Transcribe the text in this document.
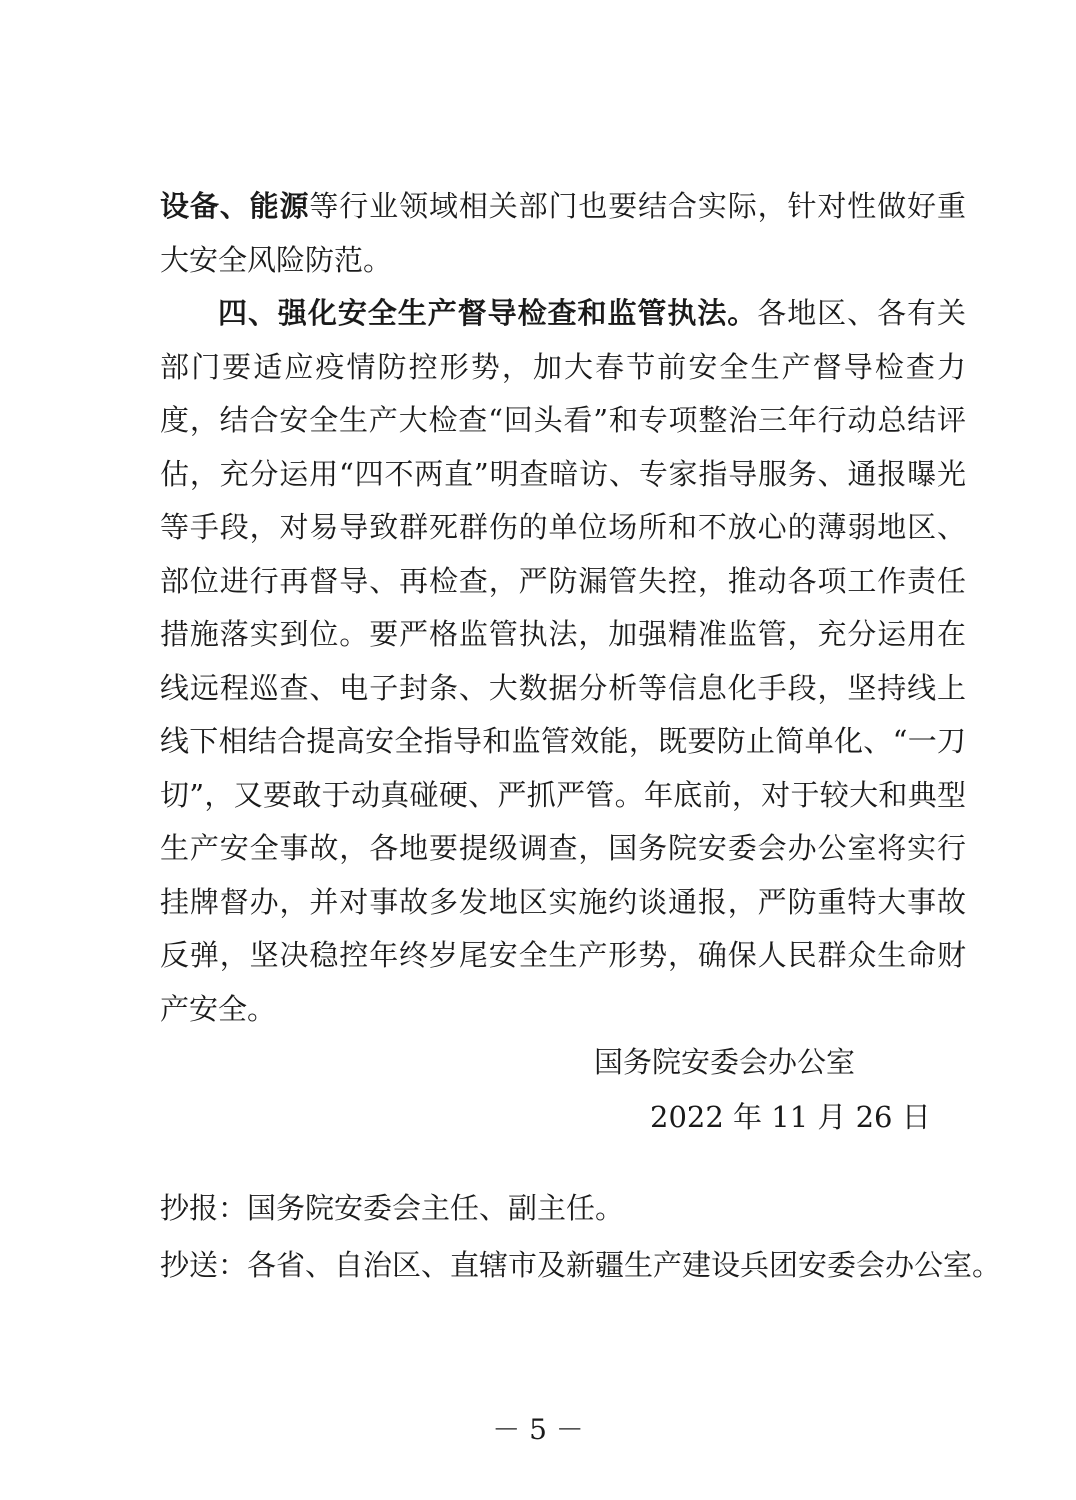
设备、能源等行业领域相关部门也要结合实际，针对性做好重大安全风险防范。

四、强化安全生产督导检查和监管执法。各地区、各有关部门要适应疫情防控形势，加大春节前安全生产督导检查力度，结合安全生产大检查“回头看”和专项整治三年行动总结评估，充分运用“四不两直”明查暗访、专家指导服务、通报曝光等手段，对易导致群死群伤的单位场所和不放心的薄弱地区、部位进行再督导、再检查，严防漏管失控，推动各项工作责任措施落实到位。要严格监管执法，加强精准监管，充分运用在线远程巡查、电子封条、大数据分析等信息化手段，坚持线上线下相结合提高安全指导和监管效能，既要防止简单化、“一刀切”，又要敢于动真碰硬、严抓严管。年底前，对于较大和典型生产安全事故，各地要提级调查，国务院安委会办公室将实行挂牌督办，并对事故多发地区实施约谈通报，严防重特大事故反弹，坚决稳控年终岁尾安全生产形势，确保人民群众生命财产安全。

国务院安委会办公室
2022 年 11 月 26 日
抄报：国务院安委会主任、副主任。
抄送：各省、自治区、直辖市及新疆生产建设兵团安委会办公室。
－ 5 －
